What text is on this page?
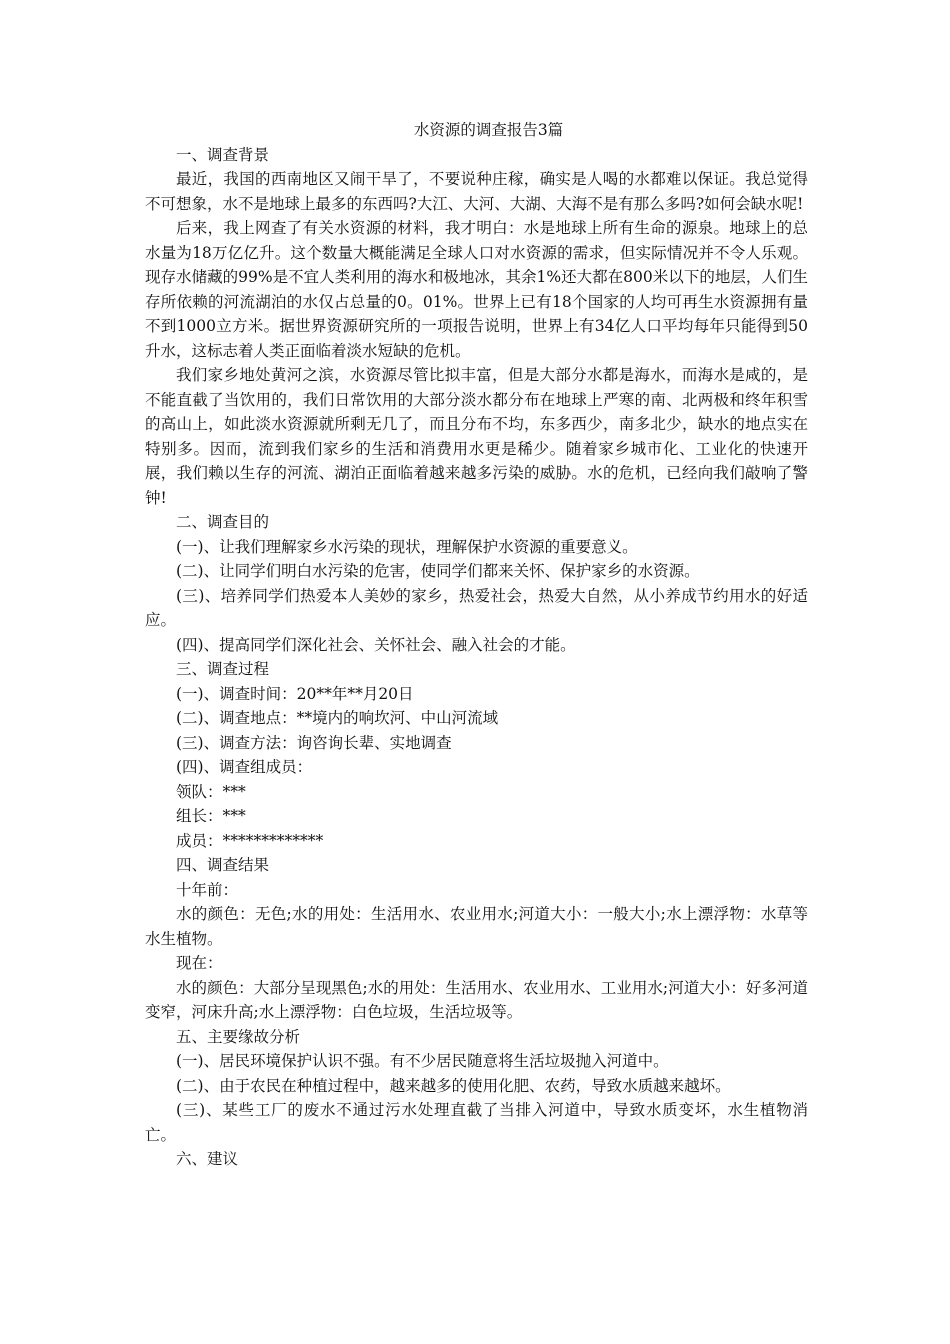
水资源的调查报告3篇

一、调查背景

最近，我国的西南地区又闹干旱了，不要说种庄稼，确实是人喝的水都难以保证。我总觉得不可想象，水不是地球上最多的东西吗?大江、大河、大湖、大海不是有那么多吗?如何会缺水呢!

后来，我上网查了有关水资源的材料，我才明白：水是地球上所有生命的源泉。地球上的总水量为18万亿亿升。这个数量大概能满足全球人口对水资源的需求，但实际情况并不令人乐观。现存水储藏的99%是不宜人类利用的海水和极地冰，其余1%还大都在800米以下的地层，人们生存所依赖的河流湖泊的水仅占总量的0。01%。世界上已有18个国家的人均可再生水资源拥有量不到1000立方米。据世界资源研究所的一项报告说明，世界上有34亿人口平均每年只能得到50升水，这标志着人类正面临着淡水短缺的危机。

我们家乡地处黄河之滨，水资源尽管比拟丰富，但是大部分水都是海水，而海水是咸的，是不能直截了当饮用的，我们日常饮用的大部分淡水都分布在地球上严寒的南、北两极和终年积雪的高山上，如此淡水资源就所剩无几了，而且分布不均，东多西少，南多北少，缺水的地点实在特别多。因而，流到我们家乡的生活和消费用水更是稀少。随着家乡城市化、工业化的快速开展，我们赖以生存的河流、湖泊正面临着越来越多污染的威胁。水的危机，已经向我们敲响了警钟!

二、调查目的

(一)、让我们理解家乡水污染的现状，理解保护水资源的重要意义。

(二)、让同学们明白水污染的危害，使同学们都来关怀、保护家乡的水资源。

(三)、培养同学们热爱本人美妙的家乡，热爱社会，热爱大自然，从小养成节约用水的好适应。

(四)、提高同学们深化社会、关怀社会、融入社会的才能。

三、调查过程

(一)、调查时间：20**年**月20日

(二)、调查地点：**境内的响坎河、中山河流域

(三)、调查方法：询咨询长辈、实地调查

(四)、调查组成员：

领队：***

组长：***

成员：*************

四、调查结果

十年前：

水的颜色：无色;水的用处：生活用水、农业用水;河道大小：一般大小;水上漂浮物：水草等水生植物。

现在：

水的颜色：大部分呈现黑色;水的用处：生活用水、农业用水、工业用水;河道大小：好多河道变窄，河床升高;水上漂浮物：白色垃圾，生活垃圾等。

五、主要缘故分析

(一)、居民环境保护认识不强。有不少居民随意将生活垃圾抛入河道中。

(二)、由于农民在种植过程中，越来越多的使用化肥、农药，导致水质越来越坏。

(三)、某些工厂的废水不通过污水处理直截了当排入河道中，导致水质变坏，水生植物消亡。

六、建议
